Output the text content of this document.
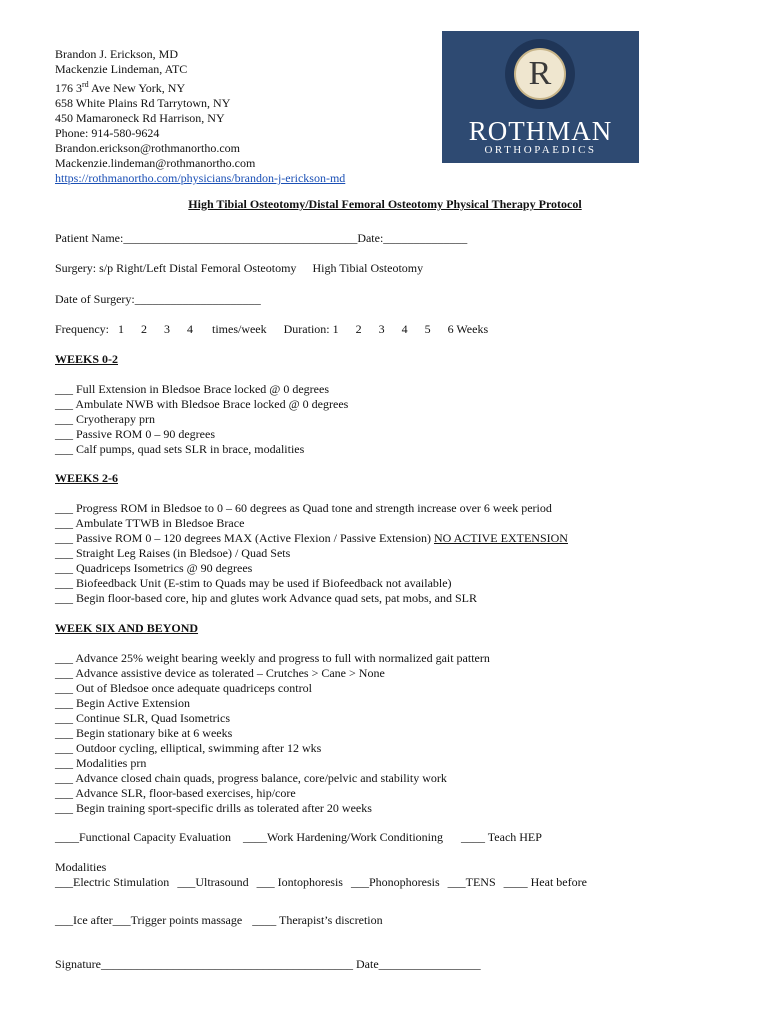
Brandon J. Erickson, MD
Mackenzie Lindeman, ATC
176 3rd Ave New York, NY
658 White Plains Rd Tarrytown, NY
450 Mamaroneck Rd Harrison, NY
Phone: 914-580-9624
Brandon.erickson@rothmanortho.com
Mackenzie.lindeman@rothmanortho.com
https://rothmanortho.com/physicians/brandon-j-erickson-md
R
ROTHMAN
ORTHOPAEDICS
High Tibial Osteotomy/Distal Femoral Osteotomy Physical Therapy Protocol
Patient Name:_______________________________________Date:______________
Surgery: s/p Right/Left Distal Femoral Osteotomy High Tibial Osteotomy
Date of Surgery:_____________________
Frequency: 1 2 3 4 times/week Duration: 1 2 3 4 5 6 Weeks
WEEKS 0-2
___ Full Extension in Bledsoe Brace locked @ 0 degrees
___ Ambulate NWB with Bledsoe Brace locked @ 0 degrees
___ Cryotherapy prn
___ Passive ROM 0 – 90 degrees
___ Calf pumps, quad sets SLR in brace, modalities
WEEKS 2-6
___ Progress ROM in Bledsoe to 0 – 60 degrees as Quad tone and strength increase over 6 week period
___ Ambulate TTWB in Bledsoe Brace
___ Passive ROM 0 – 120 degrees MAX (Active Flexion / Passive Extension) NO ACTIVE EXTENSION
___ Straight Leg Raises (in Bledsoe) / Quad Sets
___ Quadriceps Isometrics @ 90 degrees
___ Biofeedback Unit (E-stim to Quads may be used if Biofeedback not available)
___ Begin floor-based core, hip and glutes work Advance quad sets, pat mobs, and SLR
WEEK SIX AND BEYOND
___ Advance 25% weight bearing weekly and progress to full with normalized gait pattern
___ Advance assistive device as tolerated – Crutches > Cane > None
___ Out of Bledsoe once adequate quadriceps control
___ Begin Active Extension
___ Continue SLR, Quad Isometrics
___ Begin stationary bike at 6 weeks
___ Outdoor cycling, elliptical, swimming after 12 wks
___ Modalities prn
___ Advance closed chain quads, progress balance, core/pelvic and stability work
___ Advance SLR, floor-based exercises, hip/core
___ Begin training sport-specific drills as tolerated after 20 weeks
____Functional Capacity Evaluation ____Work Hardening/Work Conditioning ____ Teach HEP
Modalities
___Electric Stimulation ___Ultrasound ___ Iontophoresis ___Phonophoresis ___TENS ____ Heat before
___Ice after___Trigger points massage ____ Therapist’s discretion
Signature__________________________________________ Date_________________
